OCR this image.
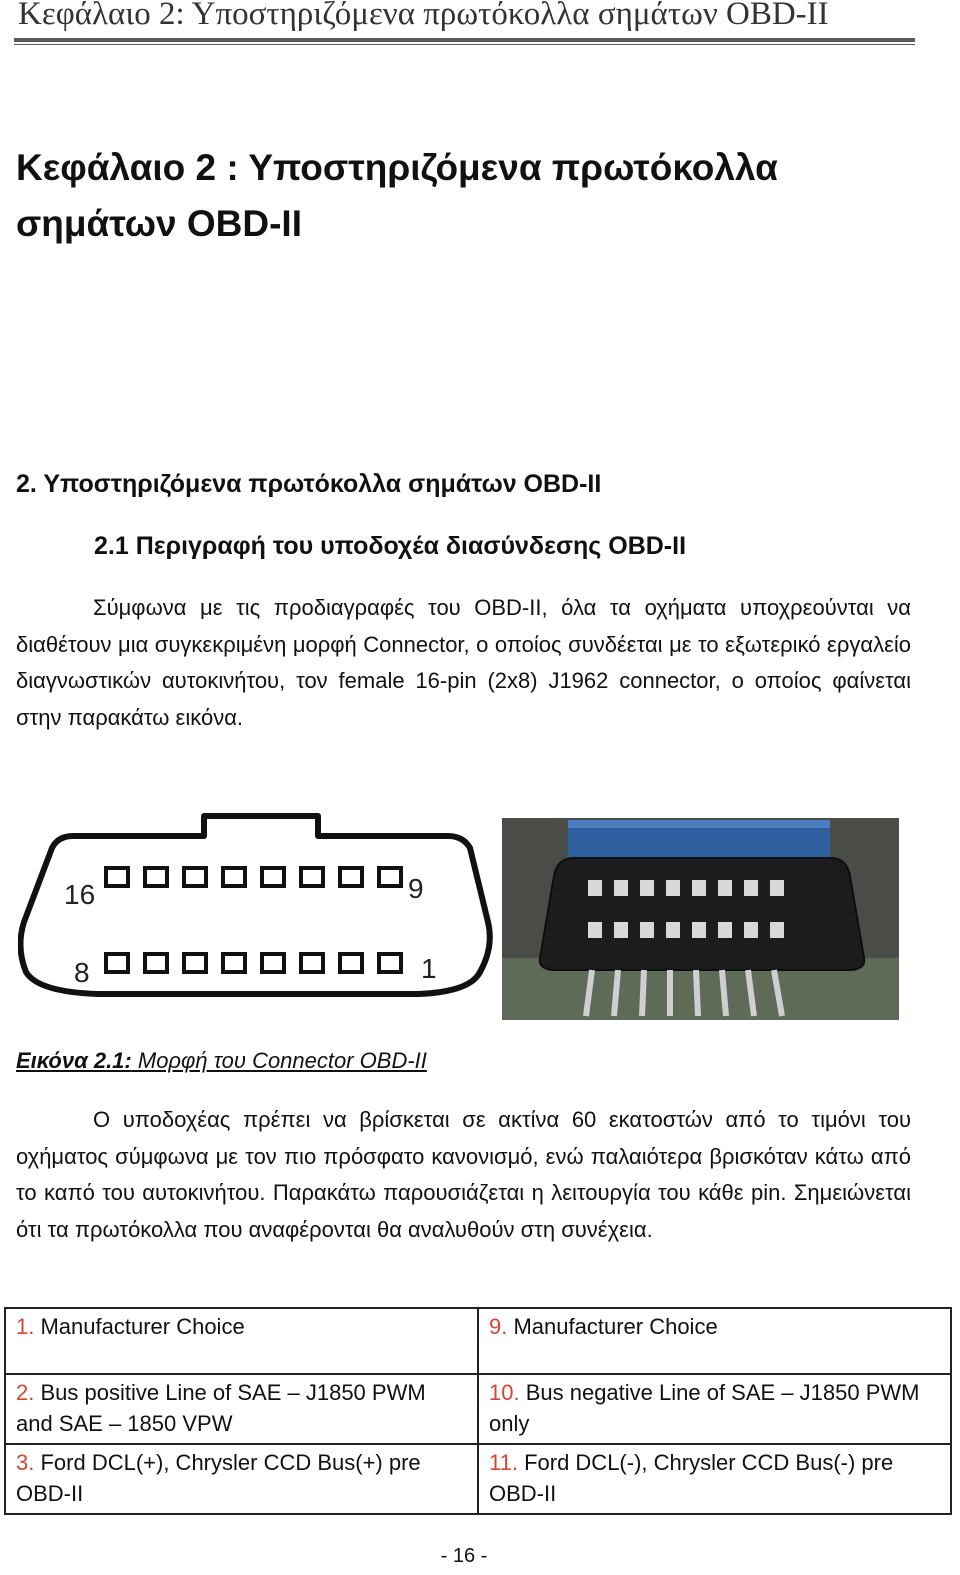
Κεφάλαιο 2: Υποστηριζόμενα πρωτόκολλα σημάτων OBD-II
Κεφάλαιο 2 : Υποστηριζόμενα πρωτόκολλα
σημάτων OBD-II
2. Υποστηριζόμενα πρωτόκολλα σημάτων OBD-II
2.1 Περιγραφή του υποδοχέα διασύνδεσης OBD-II

Σύμφωνα με τις προδιαγραφές του OBD-II, όλα τα οχήματα υποχρεούνται να διαθέτουν μια συγκεκριμένη μορφή Connector, ο οποίος συνδέεται με το εξωτερικό εργαλείο διαγνωστικών αυτοκινήτου, τον female 16-pin (2x8) J1962 connector, ο οποίος φαίνεται στην παρακάτω εικόνα.

16	9
8	1
Εικόνα 2.1: Μορφή του Connector OBD-II

Ο υποδοχέας πρέπει να βρίσκεται σε ακτίνα 60 εκατοστών από το τιμόνι του οχήματος σύμφωνα με τον πιο πρόσφατο κανονισμό, ενώ παλαιότερα βρισκόταν κάτω από το καπό του αυτοκινήτου. Παρακάτω παρουσιάζεται η λειτουργία του κάθε pin. Σημειώνεται ότι τα πρωτόκολλα που αναφέρονται θα αναλυθούν στη συνέχεια.

1. Manufacturer Choice	9. Manufacturer Choice
2. Bus positive Line of SAE – J1850 PWM and SAE – 1850 VPW	10. Bus negative Line of SAE – J1850 PWM only
3. Ford DCL(+), Chrysler CCD Bus(+) pre OBD-II	11. Ford DCL(-), Chrysler CCD Bus(-) pre OBD-II
- 16 -
